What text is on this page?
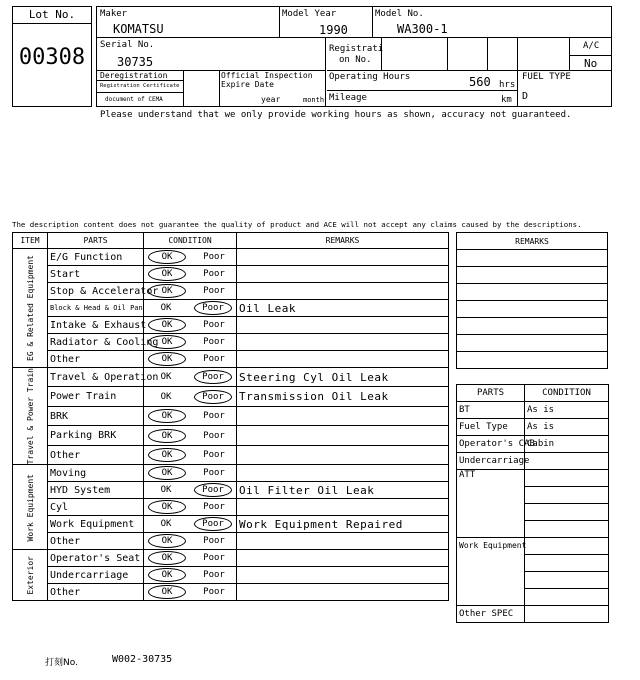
Lot No.
00308
Maker
KOMATSU
Model Year
1990
Model No.
WA300-1
Serial No.
30735
Registrati
on No.
A/C
No
Deregistration
Registration Certificate
document of CEMA
Official Inspection
Expire Date
year	month
Operating Hours	560 hrs
Mileage	km
FUEL TYPE
D
Please understand that we only provide working hours as shown, accuracy not guaranteed.
The description content does not guarantee the quality of product and ACE will not accept any claims caused by the descriptions.
ITEM	PARTS	CONDITION	REMARKS

EG & Related Equipment	E/G Function	OK Poor	
	Start	OK Poor	
	Stop & Accelerator	OK Poor	
	Block & Head & Oil Pan	OK Poor	Oil Leak
	Intake & Exhaust	OK Poor	
	Radiator & Cooling	OK Poor	
	Other	OK Poor	

Travel & Power Train	Travel & Operation	OK Poor	Steering Cyl Oil Leak
	Power Train	OK Poor	Transmission Oil Leak
	BRK	OK Poor	
	Parking BRK	OK Poor	
	Other	OK Poor	

Work Equipment	Moving	OK Poor	
	HYD System	OK Poor	Oil Filter Oil Leak
	Cyl	OK Poor	
	Work Equipment	OK Poor	Work Equipment Repaired
	Other	OK Poor	

Exterior	Operator's Seat	OK Poor	
	Undercarriage	OK Poor	
	Other	OK Poor	
REMARKS

PARTS	CONDITION
BT	As is
Fuel Type	As is
Operator's CAB	Cabin
Undercarriage	
ATT	

Work Equipment	

Other SPEC	
打刻No.	W002-30735
